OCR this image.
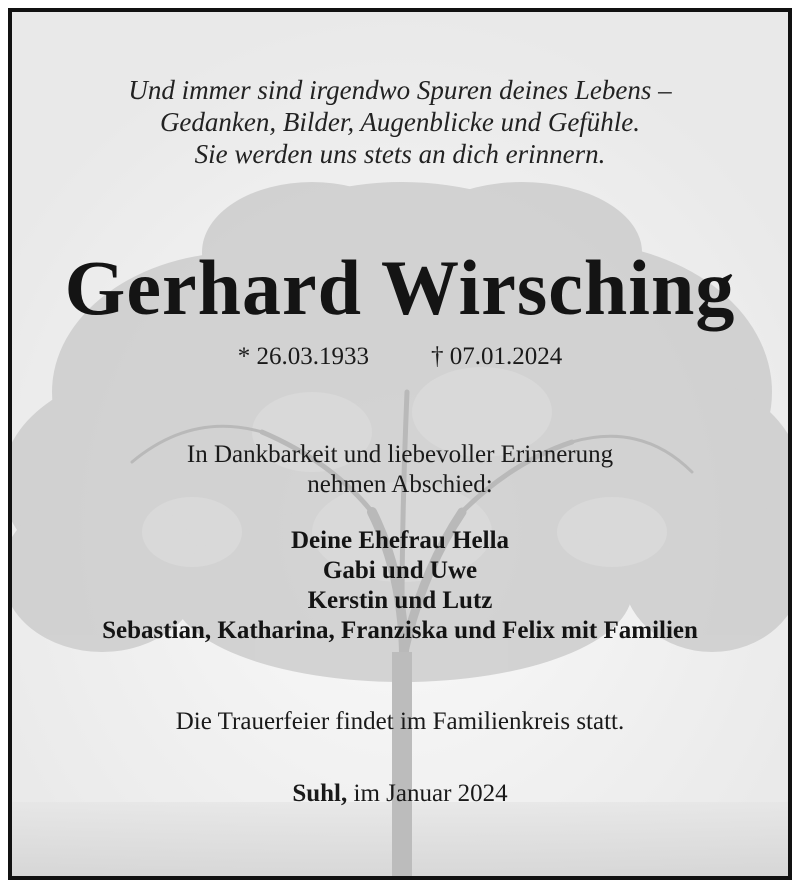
Und immer sind irgendwo Spuren deines Lebens –
Gedanken, Bilder, Augenblicke und Gefühle.
Sie werden uns stets an dich erinnern.
Gerhard Wirsching
* 26.03.1933 † 07.01.2024
In Dankbarkeit und liebevoller Erinnerung
nehmen Abschied:
Deine Ehefrau Hella
Gabi und Uwe
Kerstin und Lutz
Sebastian, Katharina, Franziska und Felix mit Familien
Die Trauerfeier findet im Familienkreis statt.
Suhl, im Januar 2024
